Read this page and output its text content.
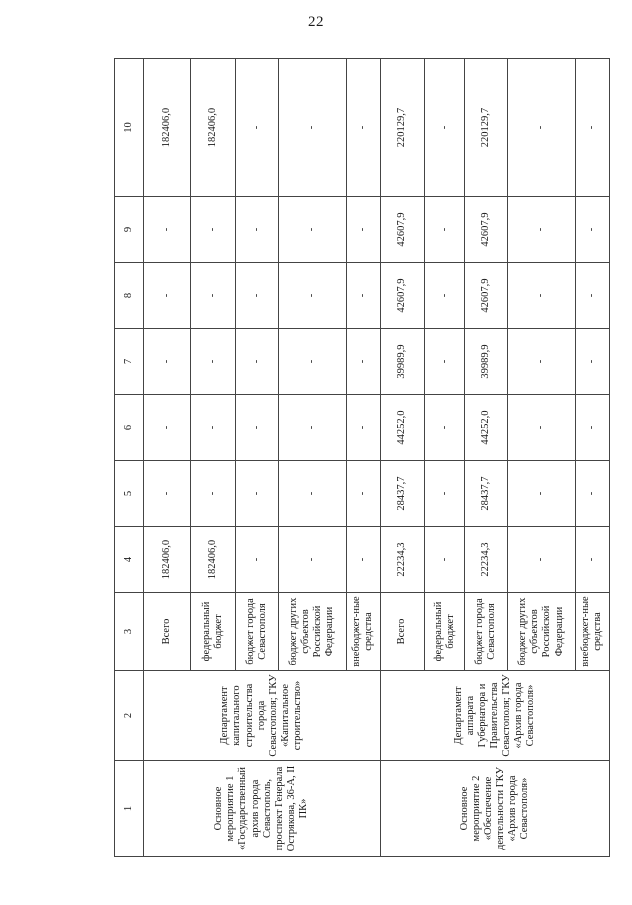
22
1	2	3	4	5	6	7	8	9	10
Основное мероприятие 1 «Государственный архив города Севастополь, проспект Генерала Острякова, 36-А, II ПК»	Департамент капитального строительства города Севастополя; ГКУ «Капитальное строительство»	Всего	182406,0	-	-	-	-	-	182406,0
		федеральный бюджет	182406,0	-	-	-	-	-	182406,0
		бюджет города Севастополя	-	-	-	-	-	-	-
		бюджет других субъектов Российской Федерации	-	-	-	-	-	-	-
		внебюджет-ные средства	-	-	-	-	-	-	-
Основное мероприятие 2 «Обеспечение деятельности ГКУ «Архив города Севастополя»	Департамент аппарата Губернатора и Правительства Севастополя; ГКУ «Архив города Севастополя»	Всего	22234,3	28437,7	44252,0	39989,9	42607,9	42607,9	220129,7
		федеральный бюджет	-	-	-	-	-	-	-
		бюджет города Севастополя	22234,3	28437,7	44252,0	39989,9	42607,9	42607,9	220129,7
		бюджет других субъектов Российской Федерации	-	-	-	-	-	-	-
		внебюджет-ные средства	-	-	-	-	-	-	-
